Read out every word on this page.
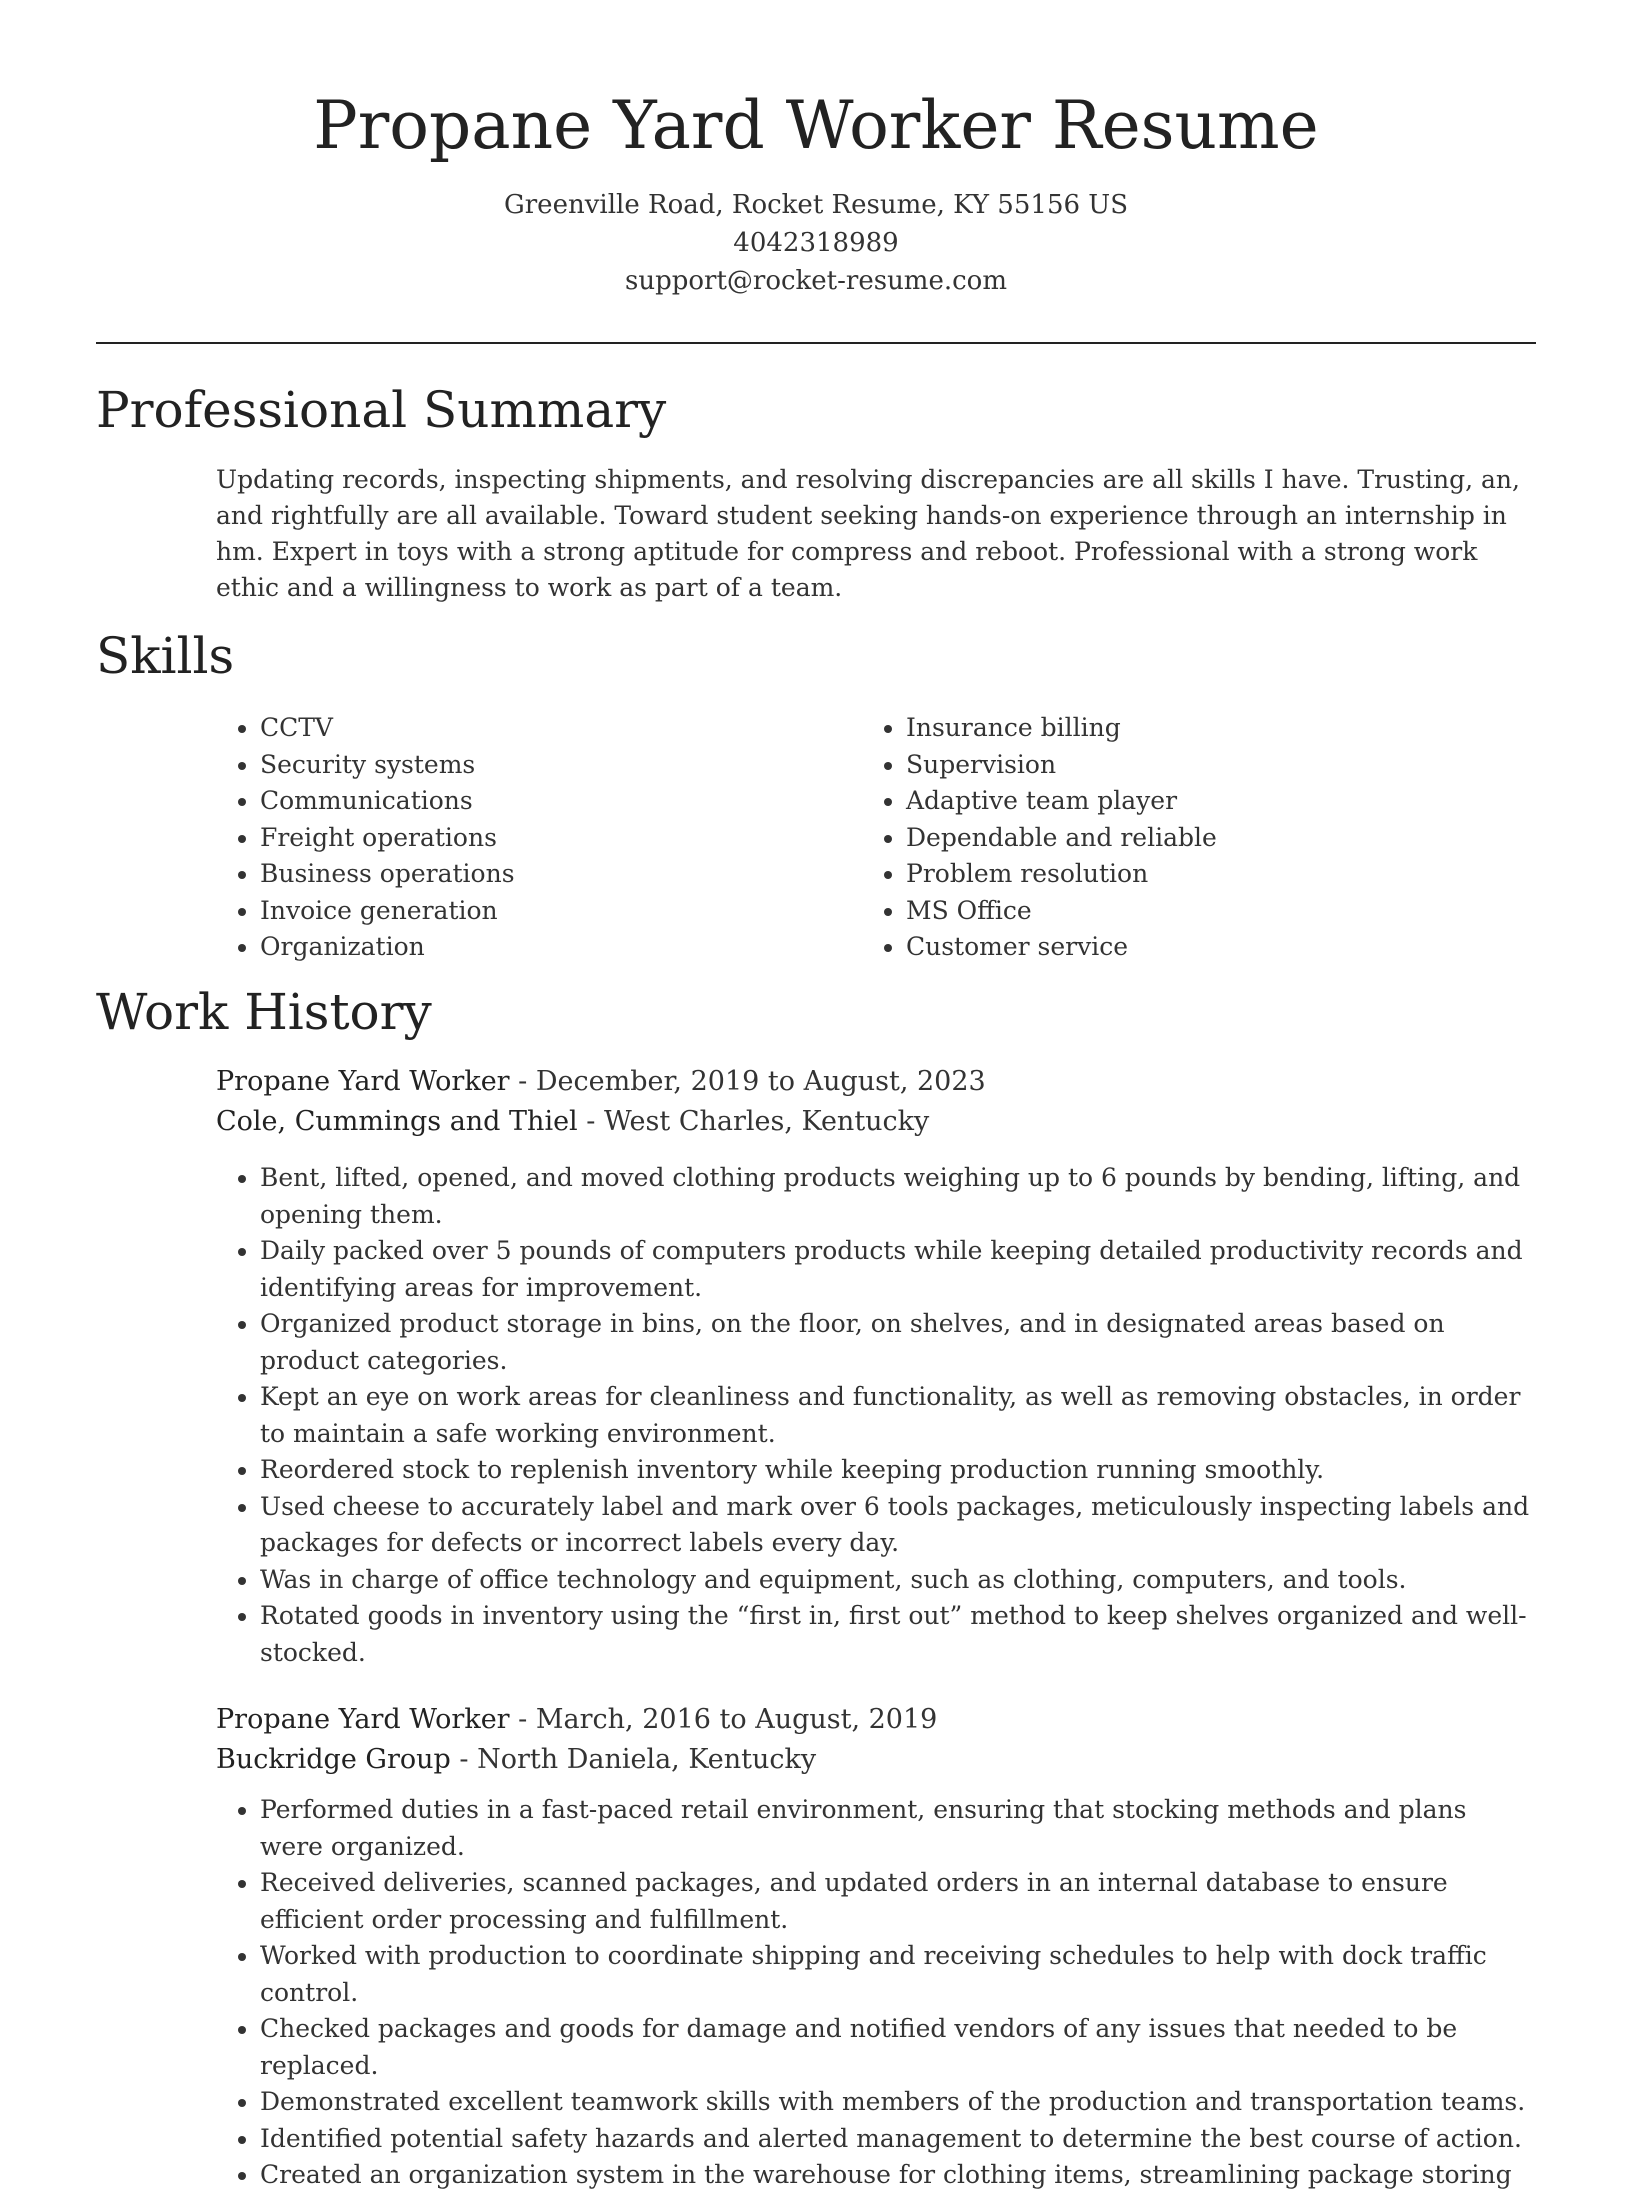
Propane Yard Worker Resume
Greenville Road, Rocket Resume, KY 55156 US
4042318989
support@rocket-resume.com
Professional Summary

Updating records, inspecting shipments, and resolving discrepancies are all skills I have. Trusting, an, and rightfully are all available. Toward student seeking hands-on experience through an internship in hm. Expert in toys with a strong aptitude for compress and reboot. Professional with a strong work ethic and a willingness to work as part of a team.

Skills
• CCTV
• Security systems
• Communications
• Freight operations
• Business operations
• Invoice generation
• Organization
• Insurance billing
• Supervision
• Adaptive team player
• Dependable and reliable
• Problem resolution
• MS Office
• Customer service
Work History
Propane Yard Worker - December, 2019 to August, 2023
Cole, Cummings and Thiel - West Charles, Kentucky
• Bent, lifted, opened, and moved clothing products weighing up to 6 pounds by bending, lifting, and opening them.
• Daily packed over 5 pounds of computers products while keeping detailed productivity records and identifying areas for improvement.
• Organized product storage in bins, on the floor, on shelves, and in designated areas based on product categories.
• Kept an eye on work areas for cleanliness and functionality, as well as removing obstacles, in order to maintain a safe working environment.
• Reordered stock to replenish inventory while keeping production running smoothly.
• Used cheese to accurately label and mark over 6 tools packages, meticulously inspecting labels and packages for defects or incorrect labels every day.
• Was in charge of office technology and equipment, such as clothing, computers, and tools.
• Rotated goods in inventory using the “first in, first out” method to keep shelves organized and well-stocked.
Propane Yard Worker - March, 2016 to August, 2019
Buckridge Group - North Daniela, Kentucky
• Performed duties in a fast-paced retail environment, ensuring that stocking methods and plans were organized.
• Received deliveries, scanned packages, and updated orders in an internal database to ensure efficient order processing and fulfillment.
• Worked with production to coordinate shipping and receiving schedules to help with dock traffic control.
• Checked packages and goods for damage and notified vendors of any issues that needed to be replaced.
• Demonstrated excellent teamwork skills with members of the production and transportation teams.
• Identified potential safety hazards and alerted management to determine the best course of action.
• Created an organization system in the warehouse for clothing items, streamlining package storing
